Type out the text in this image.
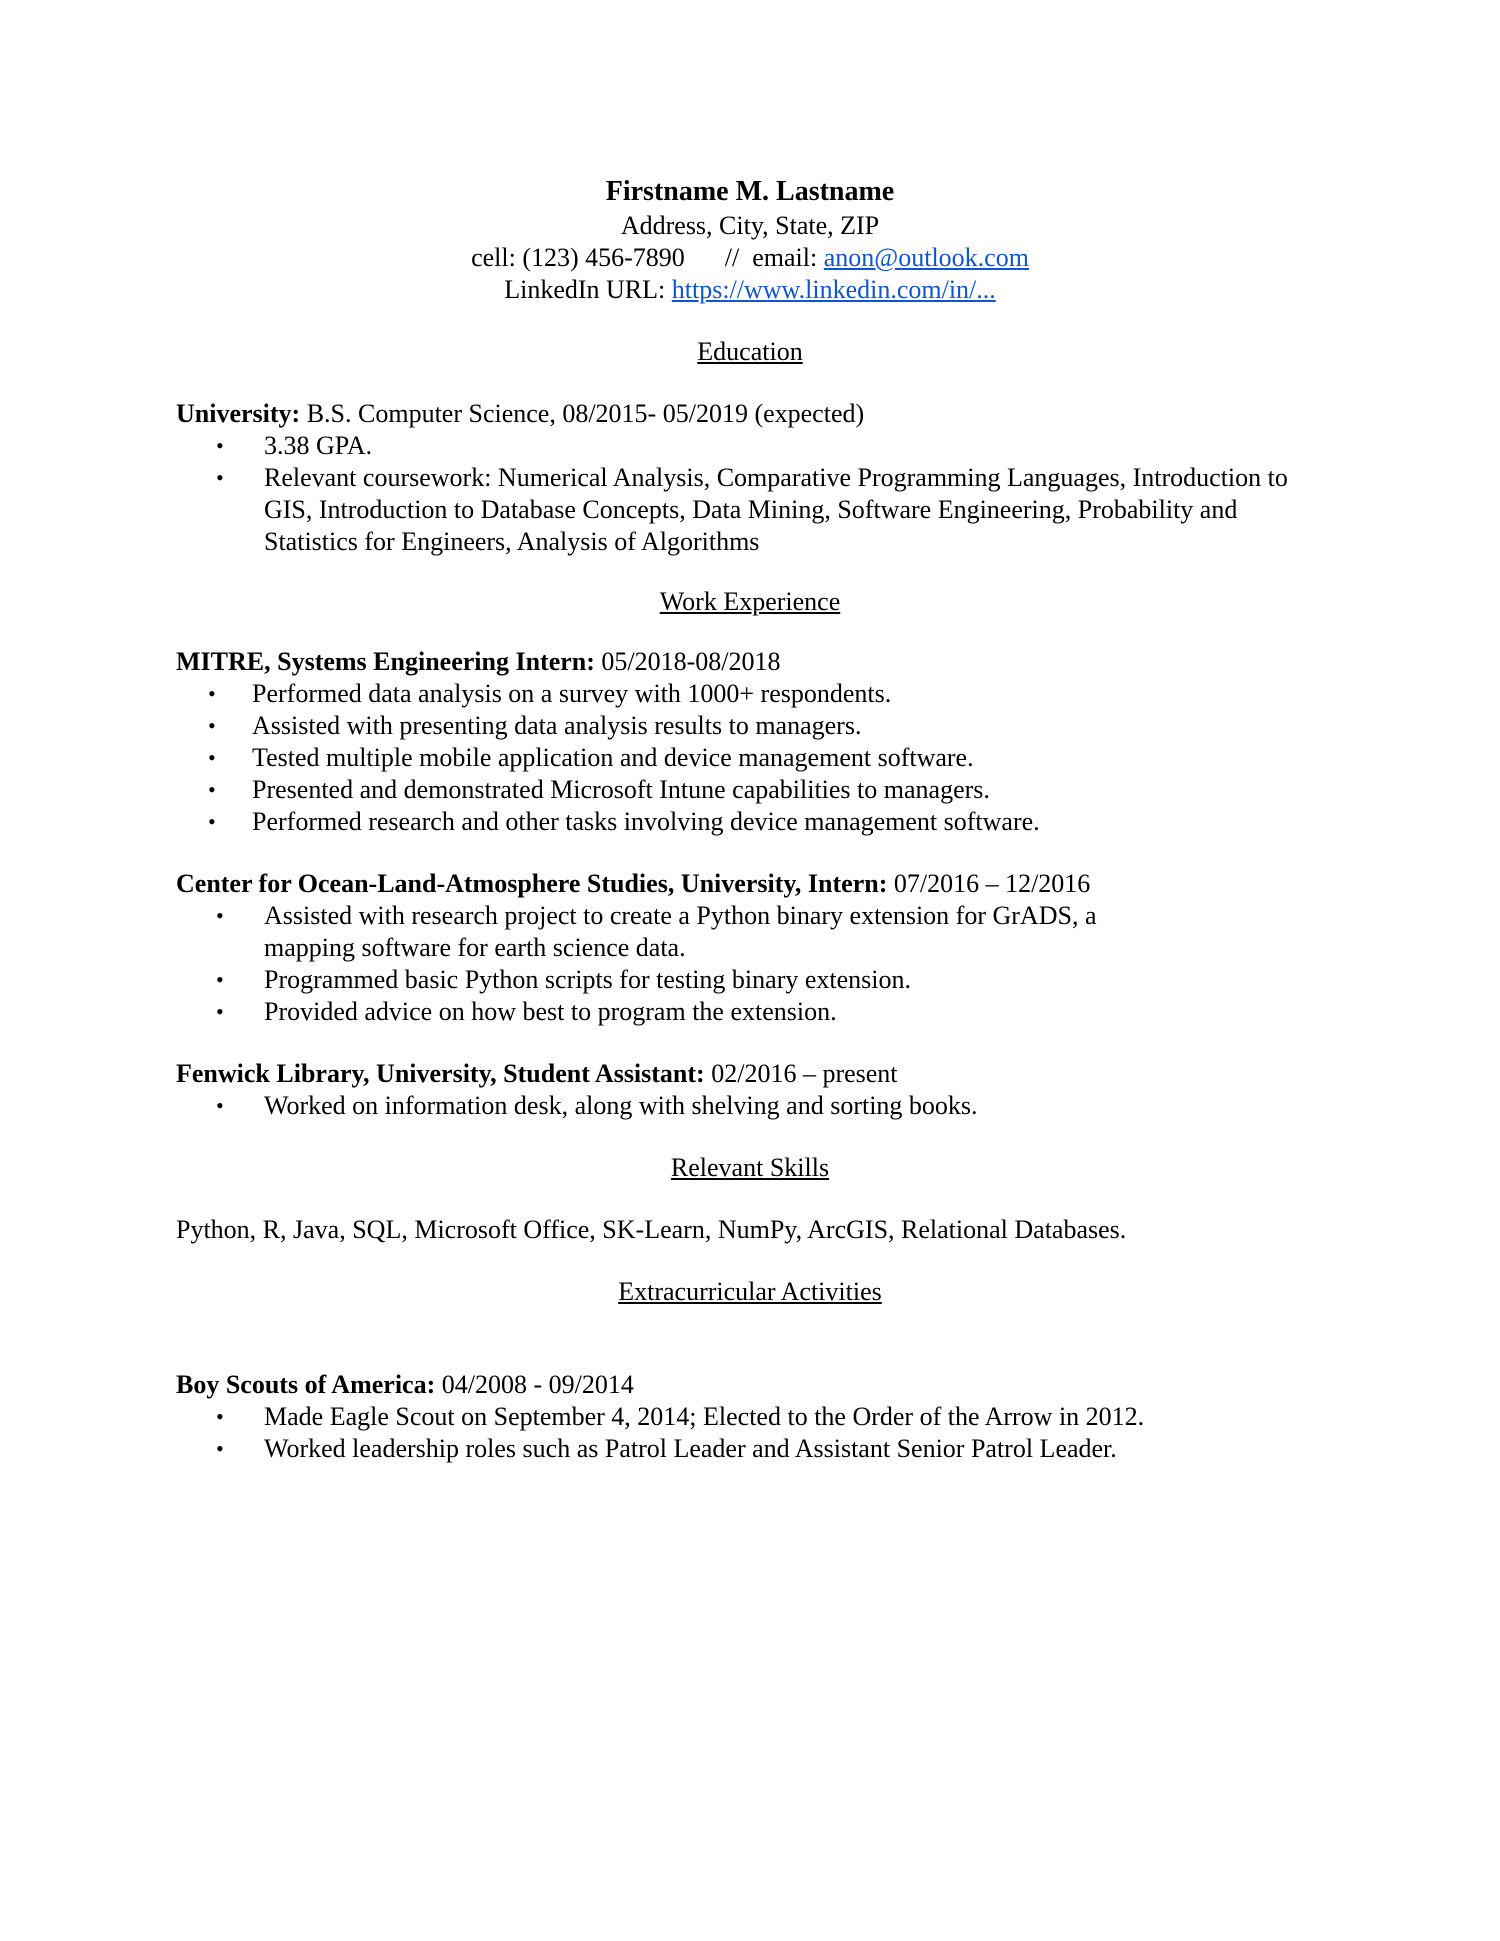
Firstname M. Lastname
Address, City, State, ZIP
cell: (123) 456-7890 // email: anon@outlook.com
LinkedIn URL: https://www.linkedin.com/in/...
Education
University: B.S. Computer Science, 08/2015- 05/2019 (expected)
• 3.38 GPA.
• Relevant coursework: Numerical Analysis, Comparative Programming Languages, Introduction to GIS, Introduction to Database Concepts, Data Mining, Software Engineering, Probability and Statistics for Engineers, Analysis of Algorithms
Work Experience
MITRE, Systems Engineering Intern: 05/2018-08/2018
• Performed data analysis on a survey with 1000+ respondents.
• Assisted with presenting data analysis results to managers.
• Tested multiple mobile application and device management software.
• Presented and demonstrated Microsoft Intune capabilities to managers.
• Performed research and other tasks involving device management software.
Center for Ocean-Land-Atmosphere Studies, University, Intern: 07/2016 – 12/2016
• Assisted with research project to create a Python binary extension for GrADS, a mapping software for earth science data.
• Programmed basic Python scripts for testing binary extension.
• Provided advice on how best to program the extension.
Fenwick Library, University, Student Assistant: 02/2016 – present
• Worked on information desk, along with shelving and sorting books.
Relevant Skills
Python, R, Java, SQL, Microsoft Office, SK-Learn, NumPy, ArcGIS, Relational Databases.
Extracurricular Activities
Boy Scouts of America: 04/2008 - 09/2014
• Made Eagle Scout on September 4, 2014; Elected to the Order of the Arrow in 2012.
• Worked leadership roles such as Patrol Leader and Assistant Senior Patrol Leader.
